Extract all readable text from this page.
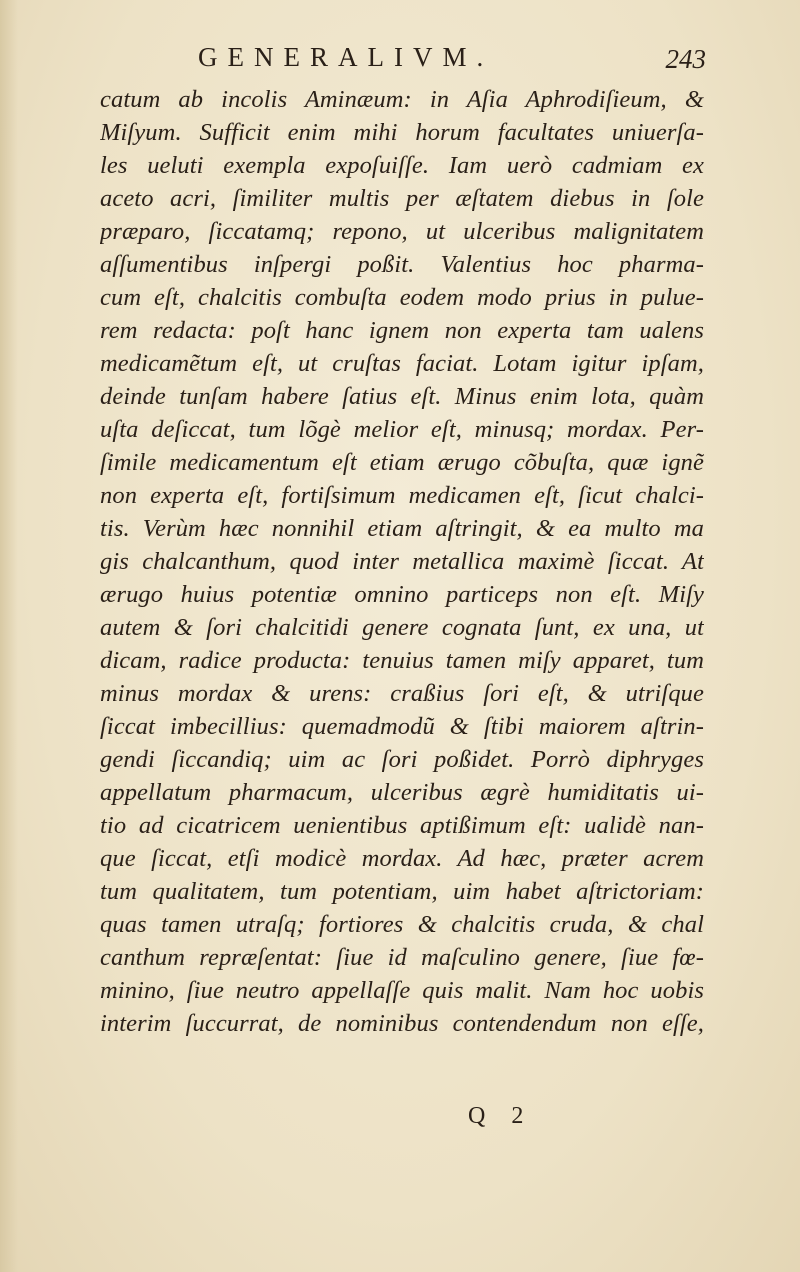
GENERALIVM.	243
catum ab incolis Aminæum: in Aſia Aphrodiſieum, &
Miſyum. Sufficit enim mihi horum facultates uniuerſa-
les ueluti exempla expoſuiſſe. Iam uerò cadmiam ex
aceto acri, ſimiliter multis per æſtatem diebus in ſole
præparo, ſiccatamq; repono, ut ulceribus malignitatem
aſſumentibus inſpergi poßit. Valentius hoc pharma-
cum eſt, chalcitis combuſta eodem modo prius in pulue-
rem redacta: poſt hanc ignem non experta tam ualens
medicamẽtum eſt, ut cruſtas faciat. Lotam igitur ipſam,
deinde tunſam habere ſatius eſt. Minus enim lota, quàm
uſta deſiccat, tum lõgè melior eſt, minusq; mordax. Per-
ſimile medicamentum eſt etiam ærugo cõbuſta, quæ ignẽ
non experta eſt, fortiſsimum medicamen eſt, ſicut chalci-
tis. Verùm hæc nonnihil etiam aſtringit, & ea multo ma
gis chalcanthum, quod inter metallica maximè ſiccat. At
ærugo huius potentiæ omnino particeps non eſt. Miſy
autem & ſori chalcitidi genere cognata ſunt, ex una, ut
dicam, radice producta: tenuius tamen miſy apparet, tum
minus mordax & urens: craßius ſori eſt, & utriſque
ſiccat imbecillius: quemadmodũ & ſtibi maiorem aſtrin-
gendi ſiccandiq; uim ac ſori poßidet. Porrò diphryges
appellatum pharmacum, ulceribus ægrè humiditatis ui-
tio ad cicatricem uenientibus aptißimum eſt: ualidè nan-
que ſiccat, etſi modicè mordax. Ad hæc, præter acrem
tum qualitatem, tum potentiam, uim habet aſtrictoriam:
quas tamen utraſq; fortiores & chalcitis cruda, & chal
canthum repræſentat: ſiue id maſculino genere, ſiue fœ-
minino, ſiue neutro appellaſſe quis malit. Nam hoc uobis
interim ſuccurrat, de nominibus contendendum non eſſe,
Q 2
